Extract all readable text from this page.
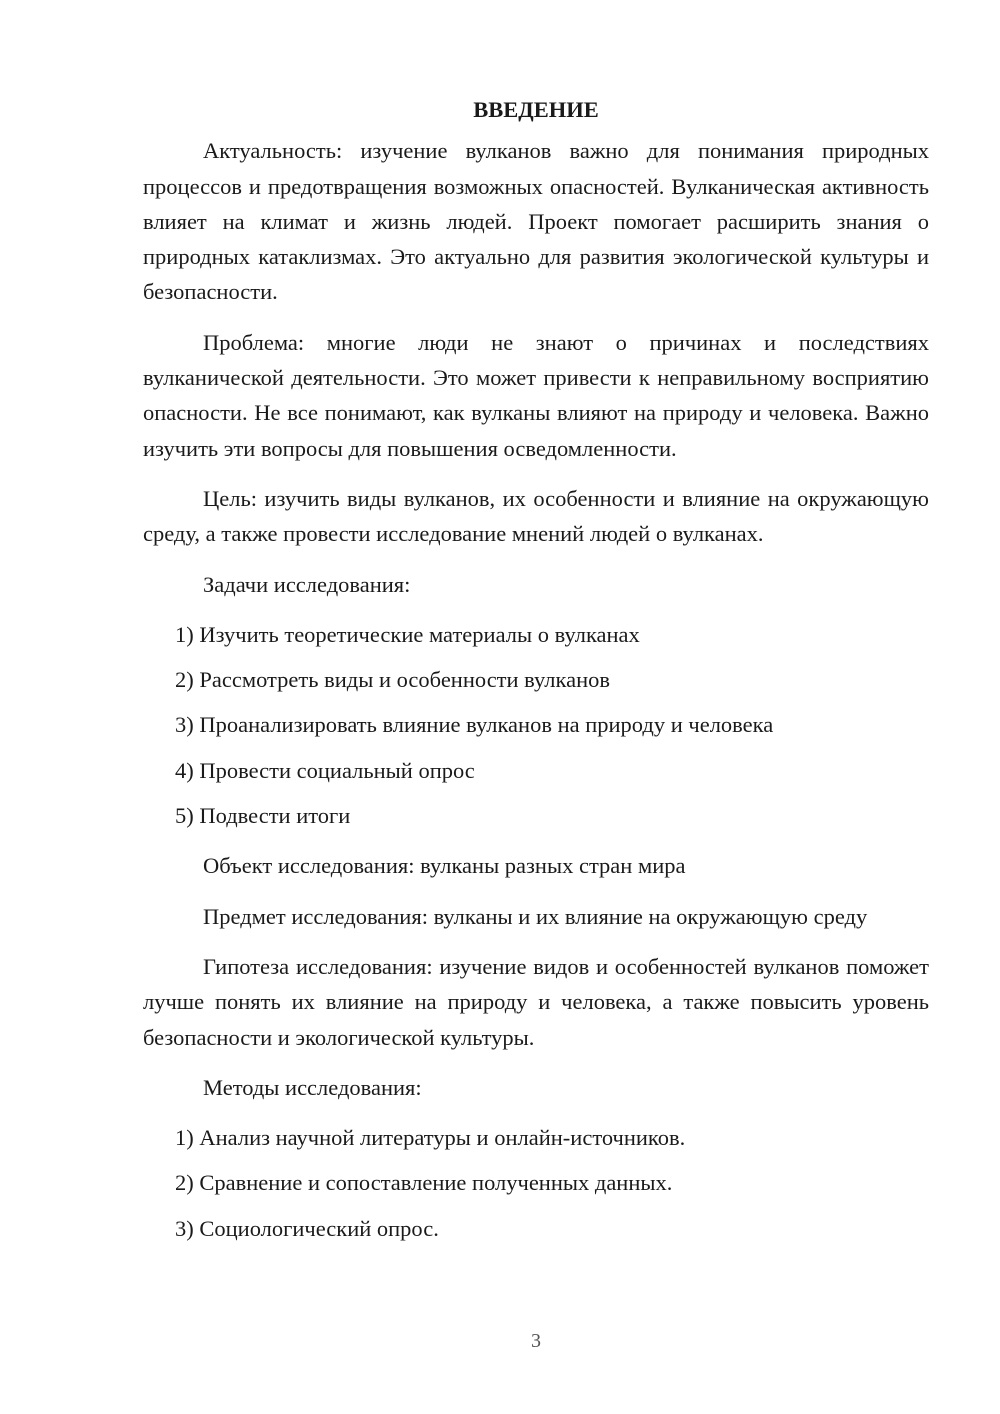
ВВЕДЕНИЕ

Актуальность: изучение вулканов важно для понимания природных процессов и предотвращения возможных опасностей. Вулканическая активность влияет на климат и жизнь людей. Проект помогает расширить знания о природных катаклизмах. Это актуально для развития экологической культуры и безопасности.

Проблема: многие люди не знают о причинах и последствиях вулканической деятельности. Это может привести к неправильному восприятию опасности. Не все понимают, как вулканы влияют на природу и человека. Важно изучить эти вопросы для повышения осведомленности.

Цель: изучить виды вулканов, их особенности и влияние на окружающую среду, а также провести исследование мнений людей о вулканах.

Задачи исследования:

1) Изучить теоретические материалы о вулканах
2) Рассмотреть виды и особенности вулканов
3) Проанализировать влияние вулканов на природу и человека
4) Провести социальный опрос
5) Подвести итоги

Объект исследования: вулканы разных стран мира

Предмет исследования: вулканы и их влияние на окружающую среду

Гипотеза исследования: изучение видов и особенностей вулканов поможет лучше понять их влияние на природу и человека, а также повысить уровень безопасности и экологической культуры.

Методы исследования:

1) Анализ научной литературы и онлайн-источников.
2) Сравнение и сопоставление полученных данных.
3) Социологический опрос.
3
